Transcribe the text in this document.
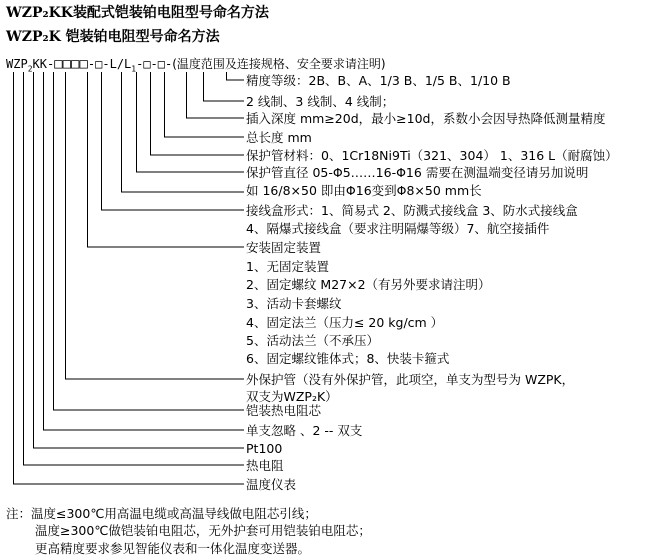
WZP₂KK装配式铠装铂电阻型号命名方法
WZP₂K 铠装铂电阻型号命名方法
$WZP_2KK-□□□□-□-L/L_1-□-□-$(温度范围及连接规格、安全要求请注明)
精度等级：2B、B、A、1/3 B、1/5 B、1/10 B
2 线制、3 线制、4 线制；
插入深度 mm≥20d，最小≥10d，系数小会因导热降低测量精度
总长度 mm
保护管材料：0、1Cr18Ni9Ti（321、304） 1、316 L（耐腐蚀）
保护管直径 05-Φ5……16-Φ16 需要在测温端变径请另加说明
如 16/8×50 即由Φ16变到Φ8×50 mm长
接线盒形式：1、简易式 2、防溅式接线盒 3、防水式接线盒
4、隔爆式接线盒（要求注明隔爆等级）7、航空接插件
安装固定装置
1、无固定装置
2、固定螺纹 M27×2（有另外要求请注明）
3、活动卡套螺纹
4、固定法兰（压力≤ 20 kg/cm ）
5、活动法兰（不承压）
6、固定螺纹锥体式；8、快装卡箍式
外保护管（没有外保护管，此项空，单支为型号为 WZPK，
双支为WZP₂K）
铠装热电阻芯
单支忽略 、2 -- 双支
Pt100
热电阻
温度仪表
注：温度≤300℃用高温电缆或高温导线做电阻芯引线；
温度≥300℃做铠装铂电阻芯，无外护套可用铠装铂电阻芯；
更高精度要求参见智能仪表和一体化温度变送器。
